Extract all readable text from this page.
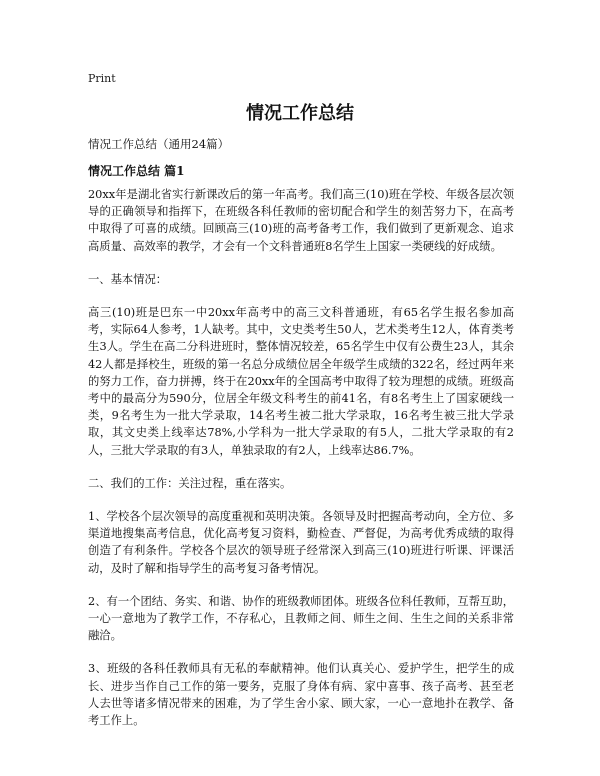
Print
情况工作总结

情况工作总结（通用24篇）

情况工作总结 篇1

20xx年是湖北省实行新课改后的第一年高考。我们高三(10)班在学校、年级各层次领导的正确领导和指挥下，在班级各科任教师的密切配合和学生的刻苦努力下，在高考中取得了可喜的成绩。回顾高三(10)班的高考备考工作，我们做到了更新观念、追求高质量、高效率的教学，才会有一个文科普通班8名学生上国家一类硬线的好成绩。

一、基本情况：

高三(10)班是巴东一中20xx年高考中的高三文科普通班，有65名学生报名参加高考，实际64人参考，1人缺考。其中，文史类考生50人，艺术类考生12人，体育类考生3人。学生在高二分科进班时，整体情况较差，65名学生中仅有公费生23人，其余42人都是择校生，班级的第一名总分成绩位居全年级学生成绩的322名，经过两年来的努力工作，奋力拼搏，终于在20xx年的全国高考中取得了较为理想的成绩。班级高考中的最高分为590分，位居全年级文科考生的前41名，有8名考生上了国家硬线一类，9名考生为一批大学录取，14名考生被二批大学录取，16名考生被三批大学录取，其文史类上线率达78%,小学科为一批大学录取的有5人，二批大学录取的有2人，三批大学录取的有3人，单独录取的有2人，上线率达86.7%。

二、我们的工作：关注过程，重在落实。

1、学校各个层次领导的高度重视和英明决策。各领导及时把握高考动向，全方位、多渠道地搜集高考信息，优化高考复习资料，勤检查、严督促，为高考优秀成绩的取得创造了有利条件。学校各个层次的领导班子经常深入到高三(10)班进行听课、评课活动，及时了解和指导学生的高考复习备考情况。

2、有一个团结、务实、和谐、协作的班级教师团体。班级各位科任教师，互帮互助，一心一意地为了教学工作，不存私心，且教师之间、师生之间、生生之间的关系非常融洽。

3、班级的各科任教师具有无私的奉献精神。他们认真关心、爱护学生，把学生的成长、进步当作自己工作的第一要务，克服了身体有病、家中喜事、孩子高考、甚至老人去世等诸多情况带来的困难，为了学生舍小家、顾大家，一心一意地扑在教学、备考工作上。
